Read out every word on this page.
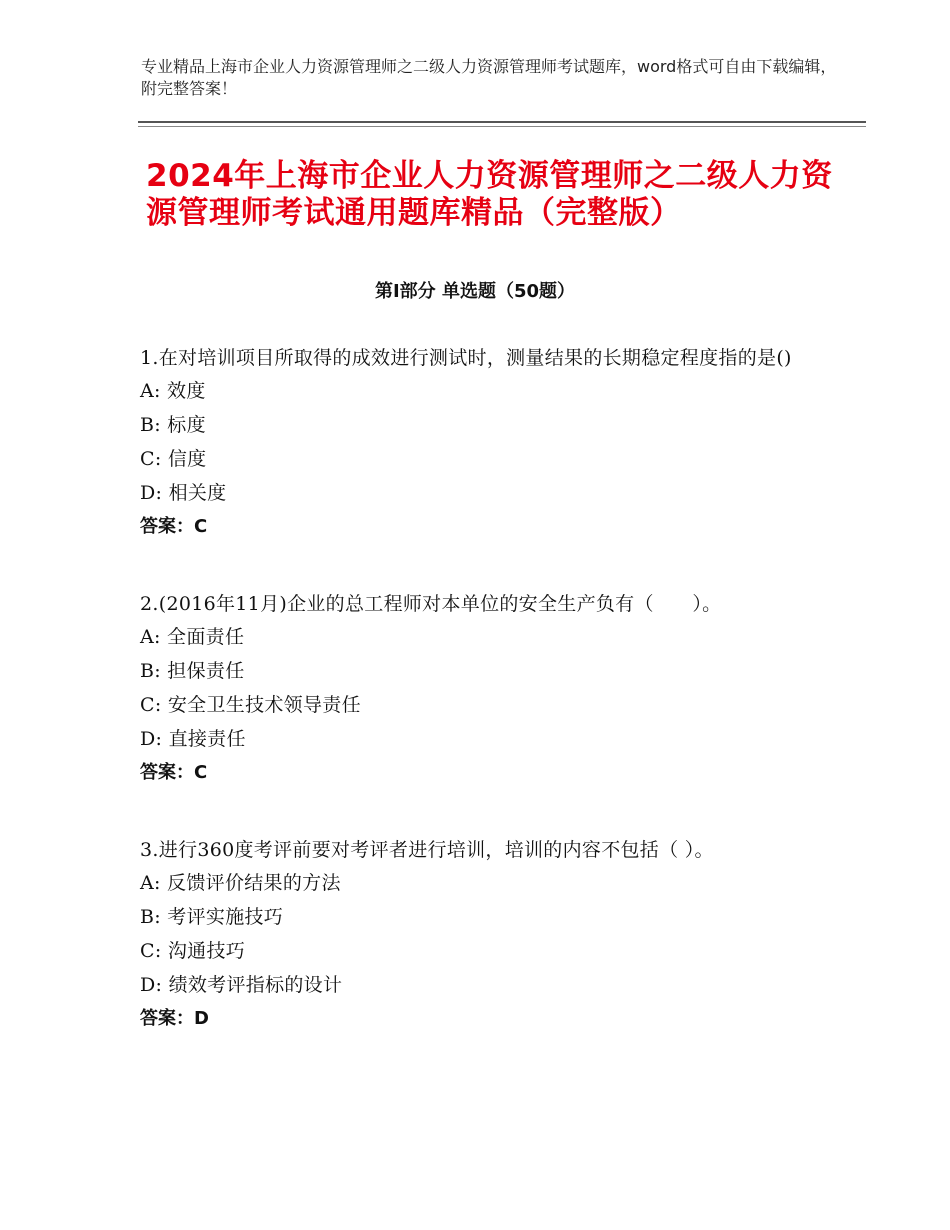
专业精品上海市企业人力资源管理师之二级人力资源管理师考试题库，word格式可自由下载编辑，附完整答案！
2024年上海市企业人力资源管理师之二级人力资源管理师考试通用题库精品（完整版）
第Ⅰ部分 单选题（50题）

1.在对培训项目所取得的成效进行测试时，测量结果的长期稳定程度指的是()

A: 效度

B: 标度

C: 信度

D: 相关度

答案：C

2.(2016年11月)企业的总工程师对本单位的安全生产负有（　　）。

A: 全面责任

B: 担保责任

C: 安全卫生技术领导责任

D: 直接责任

答案：C

3.进行360度考评前要对考评者进行培训，培训的内容不包括（ ）。

A: 反馈评价结果的方法

B: 考评实施技巧

C: 沟通技巧

D: 绩效考评指标的设计

答案：D
